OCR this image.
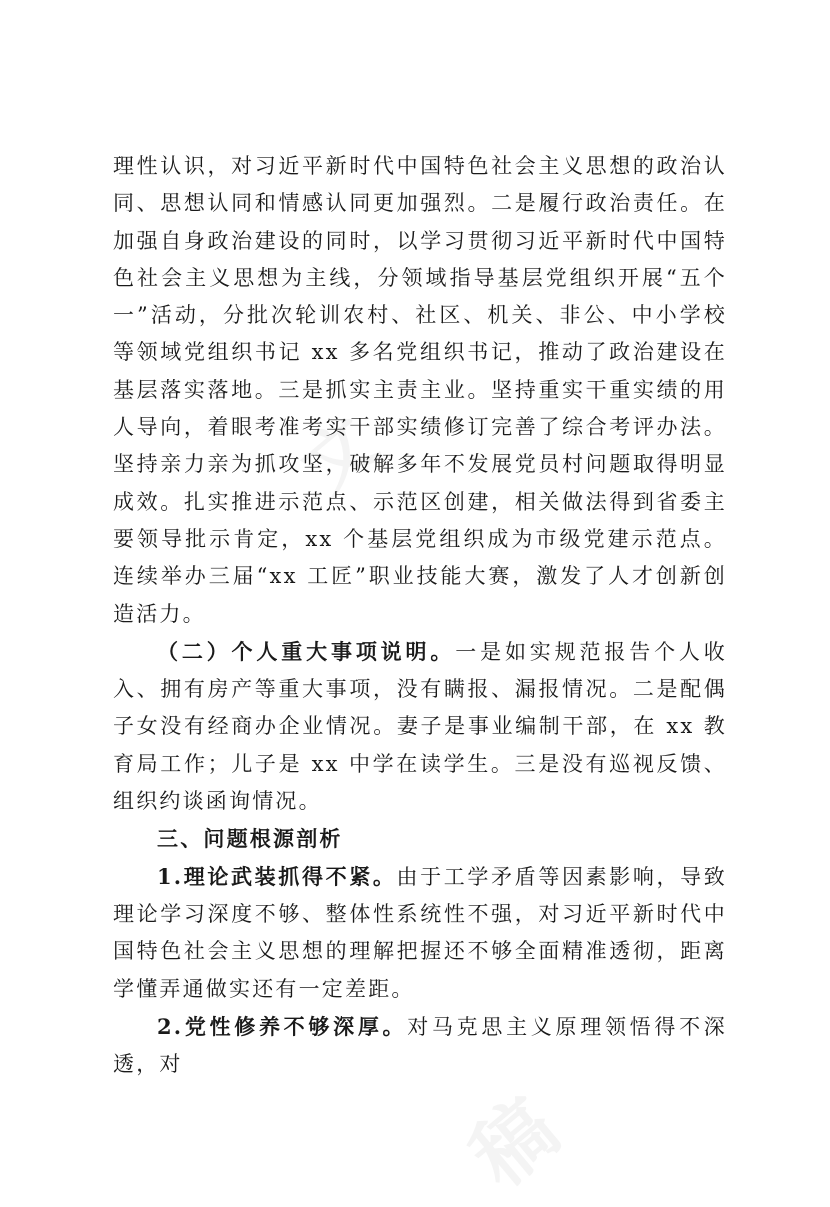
文
稿

理性认识，对习近平新时代中国特色社会主义思想的政治认同、思想认同和情感认同更加强烈。二是履行政治责任。在加强自身政治建设的同时，以学习贯彻习近平新时代中国特色社会主义思想为主线，分领域指导基层党组织开展“五个一”活动，分批次轮训农村、社区、机关、非公、中小学校等领域党组织书记 xx 多名党组织书记，推动了政治建设在基层落实落地。三是抓实主责主业。坚持重实干重实绩的用人导向，着眼考准考实干部实绩修订完善了综合考评办法。坚持亲力亲为抓攻坚，破解多年不发展党员村问题取得明显成效。扎实推进示范点、示范区创建，相关做法得到省委主要领导批示肯定，xx 个基层党组织成为市级党建示范点。连续举办三届“xx 工匠”职业技能大赛，激发了人才创新创造活力。

（二）个人重大事项说明。一是如实规范报告个人收入、拥有房产等重大事项，没有瞒报、漏报情况。二是配偶子女没有经商办企业情况。妻子是事业编制干部，在 xx 教育局工作；儿子是 xx 中学在读学生。三是没有巡视反馈、组织约谈函询情况。

三、问题根源剖析

1.理论武装抓得不紧。由于工学矛盾等因素影响，导致理论学习深度不够、整体性系统性不强，对习近平新时代中国特色社会主义思想的理解把握还不够全面精准透彻，距离学懂弄通做实还有一定差距。

2.党性修养不够深厚。对马克思主义原理领悟得不深透，对
